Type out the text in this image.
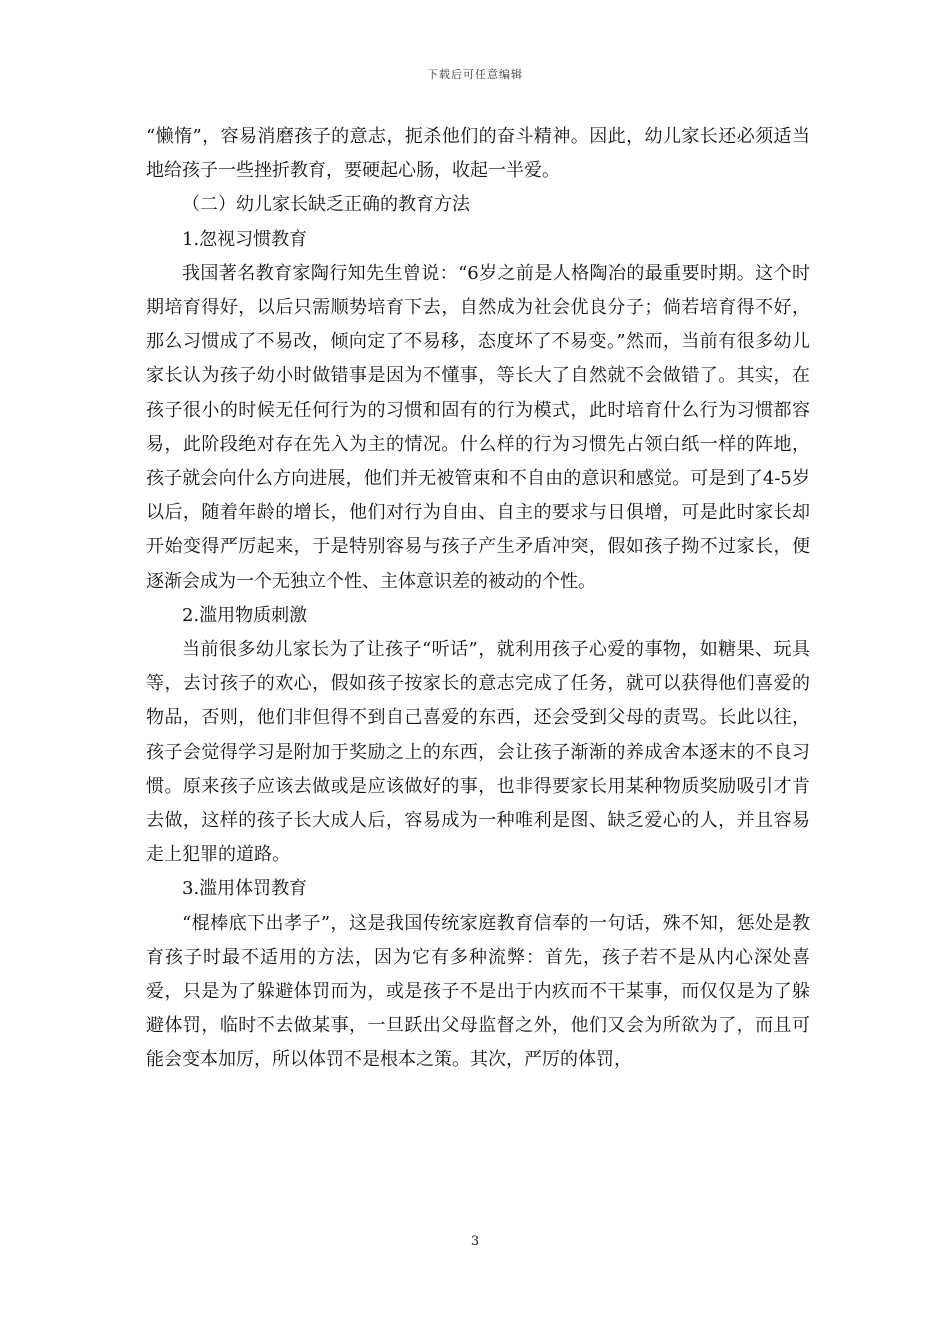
下载后可任意编辑

“懒惰”，容易消磨孩子的意志，扼杀他们的奋斗精神。因此，幼儿家长还必须适当地给孩子一些挫折教育，要硬起心肠，收起一半爱。

（二）幼儿家长缺乏正确的教育方法

1.忽视习惯教育

我国著名教育家陶行知先生曾说：“6岁之前是人格陶冶的最重要时期。这个时期培育得好，以后只需顺势培育下去，自然成为社会优良分子；倘若培育得不好，那么习惯成了不易改，倾向定了不易移，态度坏了不易变。”然而，当前有很多幼儿家长认为孩子幼小时做错事是因为不懂事，等长大了自然就不会做错了。其实，在孩子很小的时候无任何行为的习惯和固有的行为模式，此时培育什么行为习惯都容易，此阶段绝对存在先入为主的情况。什么样的行为习惯先占领白纸一样的阵地，孩子就会向什么方向进展，他们并无被管束和不自由的意识和感觉。可是到了4-5岁以后，随着年龄的增长，他们对行为自由、自主的要求与日俱增，可是此时家长却开始变得严厉起来，于是特别容易与孩子产生矛盾冲突，假如孩子拗不过家长，便逐渐会成为一个无独立个性、主体意识差的被动的个性。

2.滥用物质刺激

当前很多幼儿家长为了让孩子“听话”，就利用孩子心爱的事物，如糖果、玩具等，去讨孩子的欢心，假如孩子按家长的意志完成了任务，就可以获得他们喜爱的物品，否则，他们非但得不到自己喜爱的东西，还会受到父母的责骂。长此以往，孩子会觉得学习是附加于奖励之上的东西，会让孩子渐渐的养成舍本逐末的不良习惯。原来孩子应该去做或是应该做好的事，也非得要家长用某种物质奖励吸引才肯去做，这样的孩子长大成人后，容易成为一种唯利是图、缺乏爱心的人，并且容易走上犯罪的道路。

3.滥用体罚教育

“棍棒底下出孝子”，这是我国传统家庭教育信奉的一句话，殊不知，惩处是教育孩子时最不适用的方法，因为它有多种流弊：首先，孩子若不是从内心深处喜爱，只是为了躲避体罚而为，或是孩子不是出于内疚而不干某事，而仅仅是为了躲避体罚，临时不去做某事，一旦跃出父母监督之外，他们又会为所欲为了，而且可能会变本加厉，所以体罚不是根本之策。其次，严厉的体罚，

3
